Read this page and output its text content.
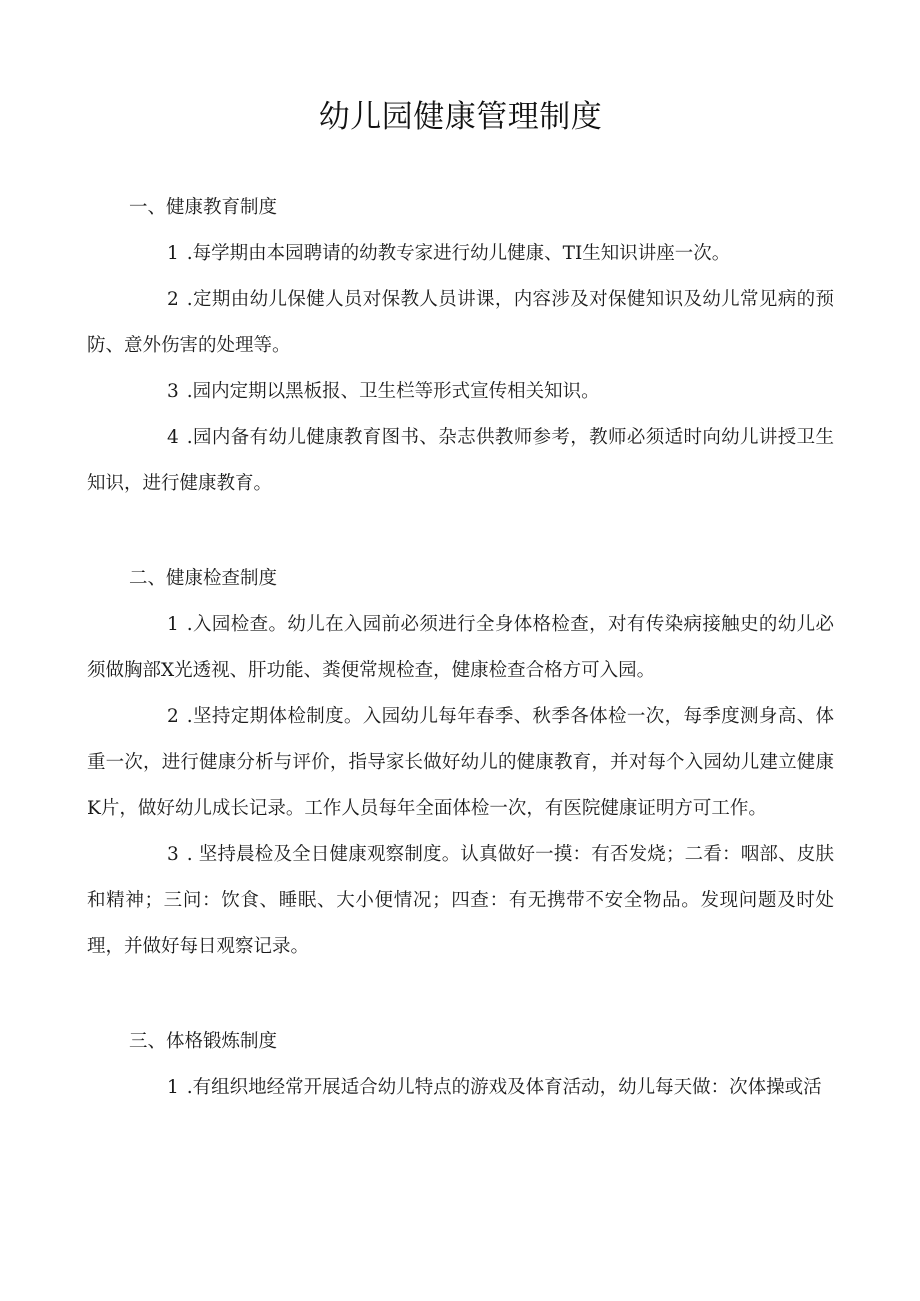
幼儿园健康管理制度

一、健康教育制度

1 .每学期由本园聘请的幼教专家进行幼儿健康、TI生知识讲座一次。

2 .定期由幼儿保健人员对保教人员讲课，内容涉及对保健知识及幼儿常见病的预防、意外伤害的处理等。

3 .园内定期以黑板报、卫生栏等形式宣传相关知识。

4 .园内备有幼儿健康教育图书、杂志供教师参考，教师必须适时向幼儿讲授卫生知识，进行健康教育。

二、健康检查制度

1 .入园检查。幼儿在入园前必须进行全身体格检查，对有传染病接触史的幼儿必须做胸部X光透视、肝功能、粪便常规检查，健康检查合格方可入园。

2 .坚持定期体检制度。入园幼儿每年春季、秋季各体检一次，每季度测身高、体重一次，进行健康分析与评价，指导家长做好幼儿的健康教育，并对每个入园幼儿建立健康K片，做好幼儿成长记录。工作人员每年全面体检一次，有医院健康证明方可工作。

3 . 坚持晨检及全日健康观察制度。认真做好一摸：有否发烧；二看：咽部、皮肤和精神；三问：饮食、睡眠、大小便情况；四查：有无携带不安全物品。发现问题及时处理，并做好每日观察记录。

三、体格锻炼制度

1 .有组织地经常开展适合幼儿特点的游戏及体育活动，幼儿每天做：次体操或活
